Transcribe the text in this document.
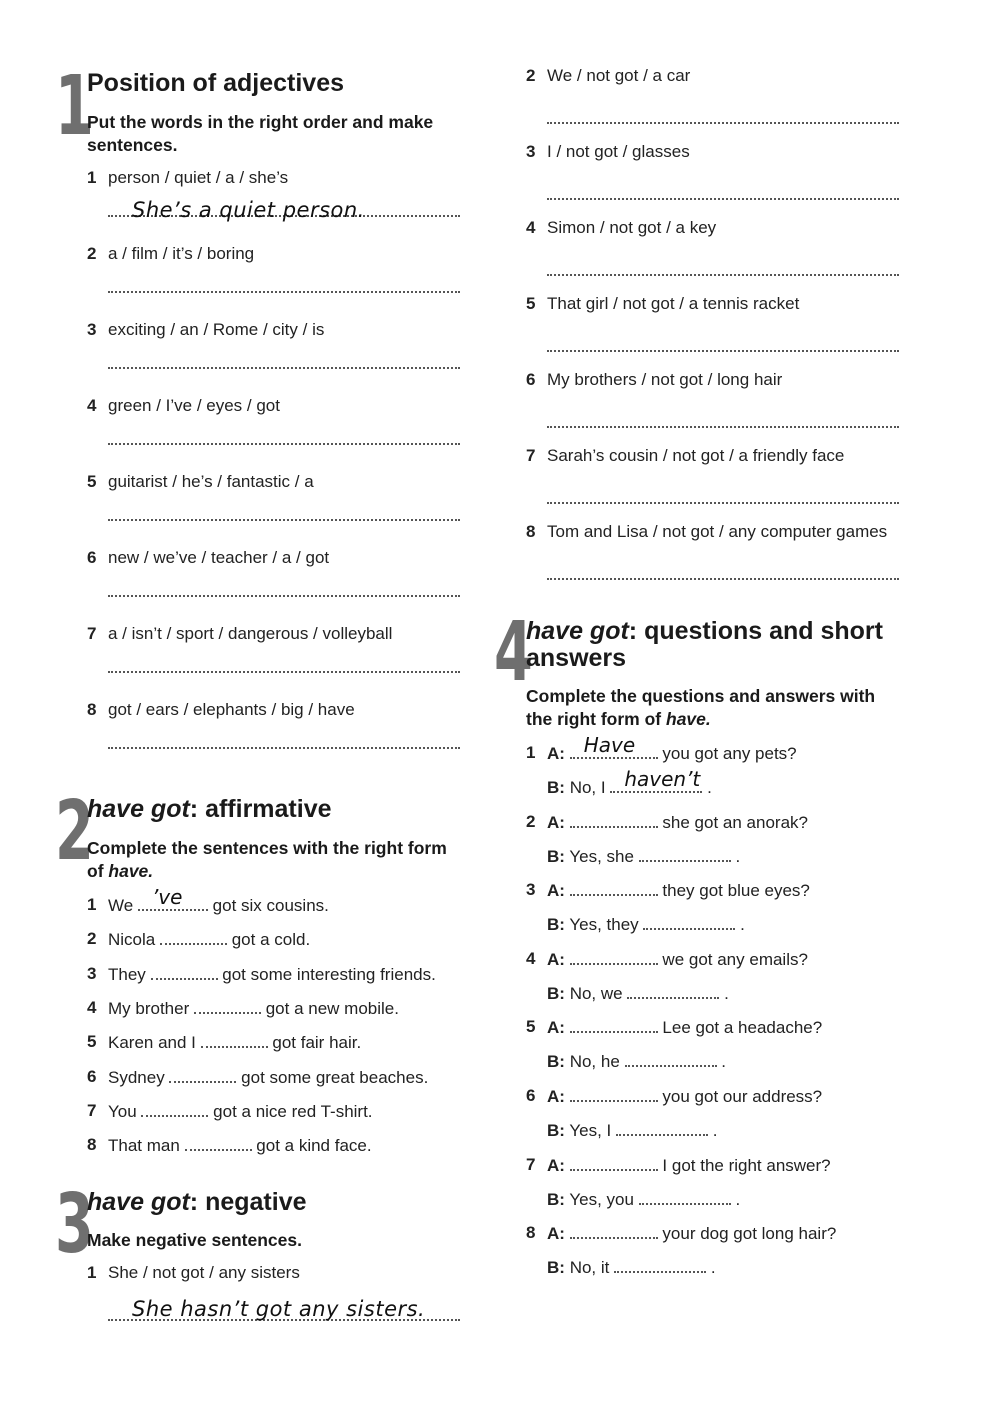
1
Position of adjectives
Put the words in the right order and make sentences.
1 person / quiet / a / she’s
She’s a quiet person.
2 a / film / it’s / boring
3 exciting / an / Rome / city / is
4 green / I’ve / eyes / got
5 guitarist / he’s / fantastic / a
6 new / we’ve / teacher / a / got
7 a / isn’t / sport / dangerous / volleyball
8 got / ears / elephants / big / have
2
have got: affirmative
Complete the sentences with the right form of have.
1 We ’ve got six cousins.
2 Nicola	got a cold.
3 They	got some interesting friends.
4 My brother	got a new mobile.
5 Karen and I	got fair hair.
6 Sydney	got some great beaches.
7 You	got a nice red T-shirt.
8 That man	got a kind face.
3
have got: negative
Make negative sentences.
1 She / not got / any sisters
She hasn’t got any sisters.
2 We / not got / a car
3 I / not got / glasses
4 Simon / not got / a key
5 That girl / not got / a tennis racket
6 My brothers / not got / long hair
7 Sarah’s cousin / not got / a friendly face
8 Tom and Lisa / not got / any computer games
4
have got: questions and short
answers
Complete the questions and answers with the right form of have.
1 A: Have you got any pets?
B: No, I haven’t .
2 A:	she got an anorak?
B: Yes, she	.
3 A:	they got blue eyes?
B: Yes, they	.
4 A:	we got any emails?
B: No, we	.
5 A:	Lee got a headache?
B: No, he	.
6 A:	you got our address?
B: Yes, I	.
7 A:	I got the right answer?
B: Yes, you	.
8 A:	your dog got long hair?
B: No, it	.
